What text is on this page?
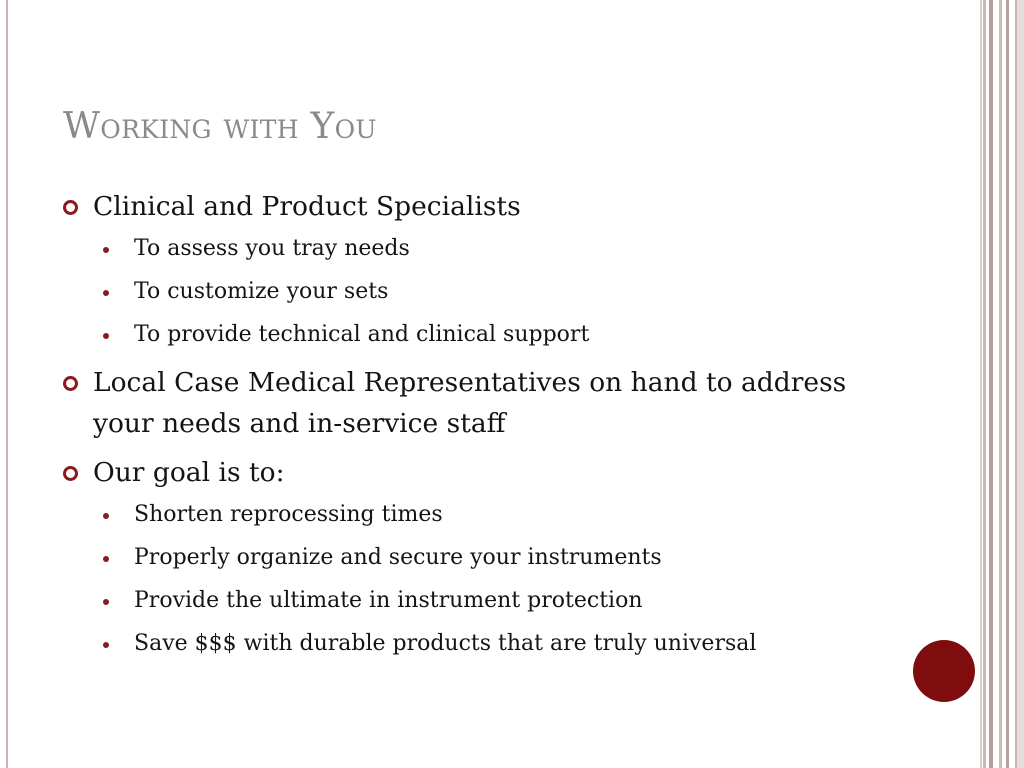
Working with You
Clinical and Product Specialists
To assess you tray needs
To customize your sets
To provide technical and clinical support
Local Case Medical Representatives on hand to address your needs and in-service staff
Our goal is to:
Shorten reprocessing times
Properly organize and secure your instruments
Provide the ultimate in instrument protection
Save $$$ with durable products that are truly universal
